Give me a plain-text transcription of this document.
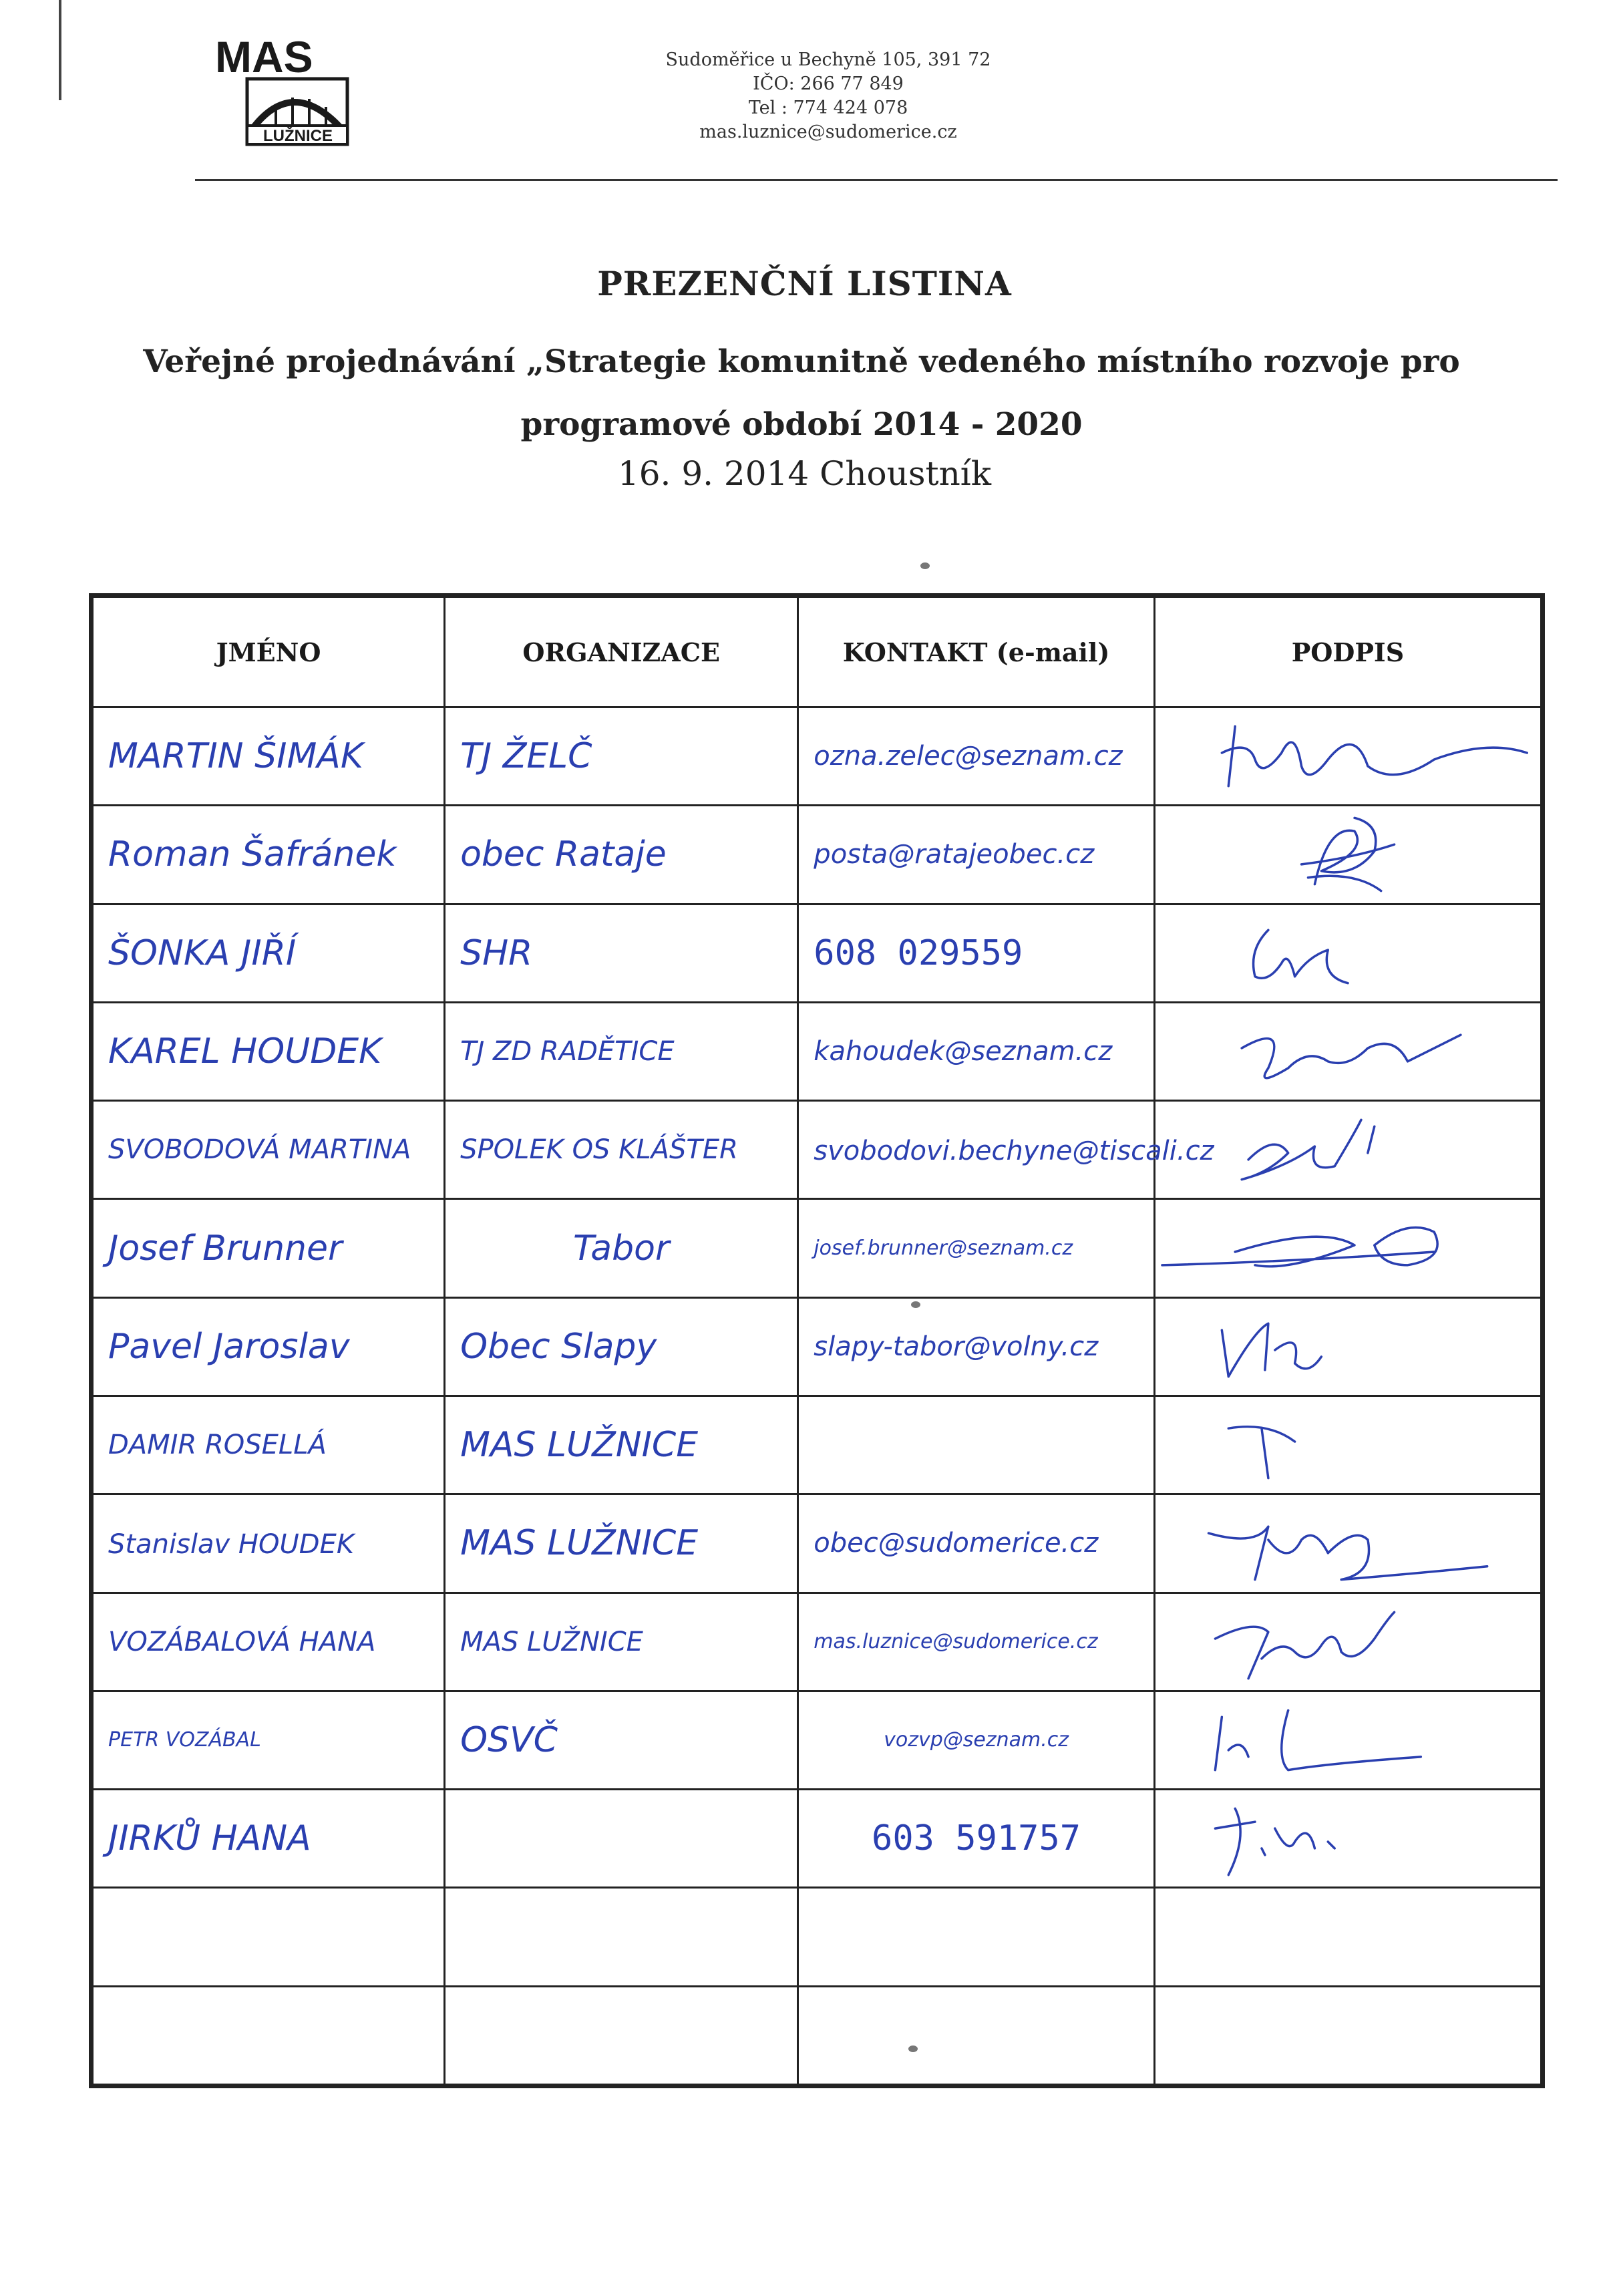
MAS
LUŽNICE
Sudoměřice u Bechyně 105, 391 72
IČO: 266 77 849
Tel : 774 424 078
mas.luznice@sudomerice.cz
PREZENČNÍ LISTINA
Veřejné projednávání „Strategie komunitně vedeného místního rozvoje pro
programové období 2014 - 2020
16. 9. 2014 Choustník
JMÉNO	ORGANIZACE	KONTAKT (e-mail)	PODPIS

MARTIN ŠIMÁK	TJ ŽELČ	ozna.zelec@seznam.cz

Roman Šafránek	obec Rataje	posta@ratajeobec.cz

ŠONKA JIŘÍ	SHR	608 029559

KAREL HOUDEK	TJ ZD RADĚTICE	kahoudek@seznam.cz

SVOBODOVÁ MARTINA	SPOLEK OS KLÁŠTER	svobodovi.bechyne@tiscali.cz

Josef Brunner	Tabor	josef.brunner@seznam.cz

Pavel Jaroslav	Obec Slapy	slapy-tabor@volny.cz

DAMIR ROSELLÁ	MAS LUŽNICE

Stanislav HOUDEK	MAS LUŽNICE	obec@sudomerice.cz

VOZÁBALOVÁ HANA	MAS LUŽNICE	mas.luznice@sudomerice.cz

PETR VOZÁBAL	OSVČ	vozvp@seznam.cz

JIRKŮ HANA		603 591757
